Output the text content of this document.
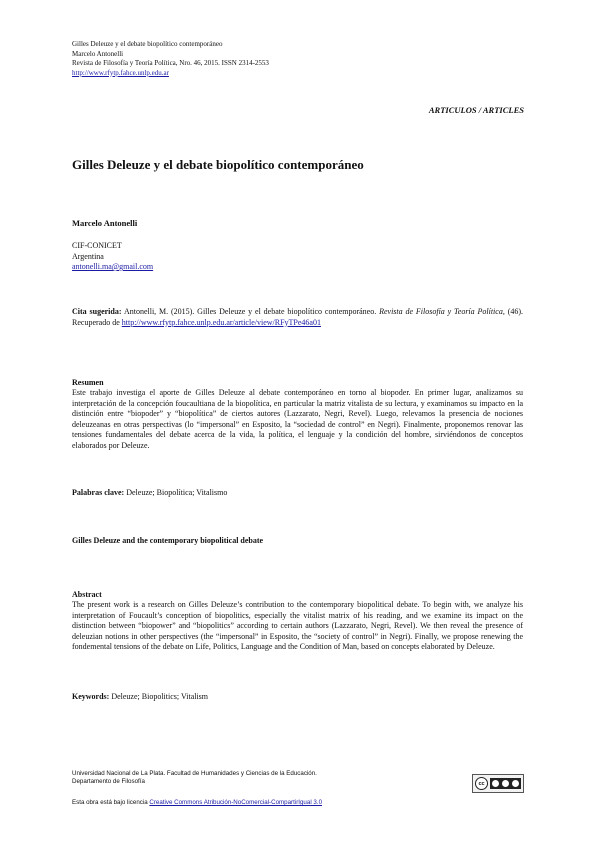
Gilles Deleuze y el debate biopolítico contemporáneo
Marcelo Antonelli
Revista de Filosofía y Teoría Política, Nro. 46, 2015. ISSN 2314-2553
http://www.rfytp.fahce.unlp.edu.ar
ARTICULOS / ARTICLES
Gilles Deleuze y el debate biopolítico contemporáneo
Marcelo Antonelli
CIF-CONICET
Argentina
antonelli.ma@gmail.com
Cita sugerida: Antonelli, M. (2015). Gilles Deleuze y el debate biopolítico contemporáneo. Revista de Filosofía y Teoría Política, (46). Recuperado de http://www.rfytp.fahce.unlp.edu.ar/article/view/RFyTPe46a01
Resumen
Este trabajo investiga el aporte de Gilles Deleuze al debate contemporáneo en torno al biopoder. En primer lugar, analizamos su interpretación de la concepción foucaultiana de la biopolítica, en particular la matriz vitalista de su lectura, y examinamos su impacto en la distinción entre “biopoder” y “biopolítica” de ciertos autores (Lazzarato, Negri, Revel). Luego, relevamos la presencia de nociones deleuzeanas en otras perspectivas (lo “impersonal” en Esposito, la “sociedad de control” en Negri). Finalmente, proponemos renovar las tensiones fundamentales del debate acerca de la vida, la política, el lenguaje y la condición del hombre, sirviéndonos de conceptos elaborados por Deleuze.
Palabras clave: Deleuze; Biopolítica; Vitalismo
Gilles Deleuze and the contemporary biopolitical debate
Abstract
The present work is a research on Gilles Deleuze’s contribution to the contemporary biopolitical debate. To begin with, we analyze his interpretation of Foucault’s conception of biopolitics, especially the vitalist matrix of his reading, and we examine its impact on the distinction between “biopower” and “biopolitics” according to certain authors (Lazzarato, Negri, Revel). We then reveal the presence of deleuzian notions in other perspectives (the “impersonal” in Esposito, the “society of control” in Negri). Finally, we propose renewing the fondemental tensions of the debate on Life, Politics, Language and the Condition of Man, based on concepts elaborated by Deleuze.
Keywords: Deleuze; Biopolitics; Vitalism
Universidad Nacional de La Plata. Facultad de Humanidades y Ciencias de la Educación.
Departamento de Filosofía	cc
Esta obra está bajo licencia Creative Commons Atribución-NoComercial-CompartirIgual 3.0
